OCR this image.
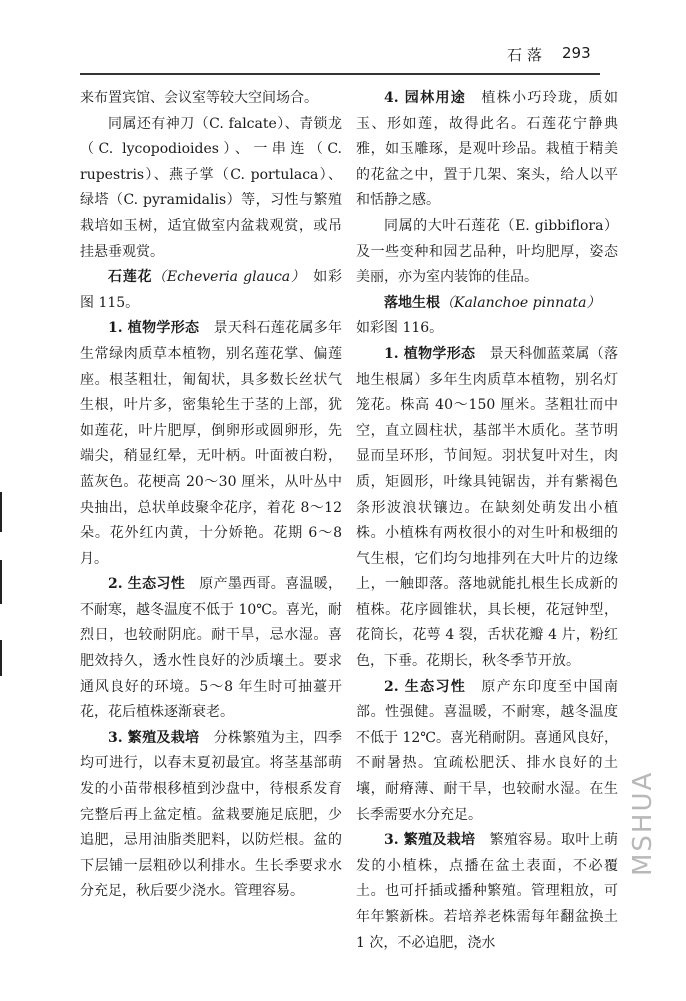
石落 293

来布置宾馆、会议室等较大空间场合。

同属还有神刀（C. falcate）、青锁龙（C. lycopodioides）、一串连（C. rupestris）、燕子掌（C. portulaca）、绿塔（C. pyramidalis）等，习性与繁殖栽培如玉树，适宜做室内盆栽观赏，或吊挂悬垂观赏。

石莲花（Echeveria glauca）　如彩图 115。

1. 植物学形态　景天科石莲花属多年生常绿肉质草本植物，别名莲花掌、偏莲座。根茎粗壮，匍匐状，具多数长丝状气生根，叶片多，密集轮生于茎的上部，犹如莲花，叶片肥厚，倒卵形或圆卵形，先端尖，稍显红晕，无叶柄。叶面被白粉，蓝灰色。花梗高 20～30 厘米，从叶丛中央抽出，总状单歧聚伞花序，着花 8～12 朵。花外红内黄，十分娇艳。花期 6～8 月。

2. 生态习性　原产墨西哥。喜温暖，不耐寒，越冬温度不低于 10℃。喜光，耐烈日，也较耐阴庇。耐干旱，忌水湿。喜肥效持久，透水性良好的沙质壤土。要求通风良好的环境。5～8 年生时可抽薹开花，花后植株逐渐衰老。

3. 繁殖及栽培　分株繁殖为主，四季均可进行，以春末夏初最宜。将茎基部萌发的小苗带根移植到沙盘中，待根系发育完整后再上盆定植。盆栽要施足底肥，少追肥，忌用油脂类肥料，以防烂根。盆的下层铺一层粗砂以利排水。生长季要求水分充足，秋后要少浇水。管理容易。

4. 园林用途　植株小巧玲珑，质如玉、形如莲，故得此名。石莲花宁静典雅，如玉雕琢，是观叶珍品。栽植于精美的花盆之中，置于几架、案头，给人以平和恬静之感。

同属的大叶石莲花（E. gibbiflora）及一些变种和园艺品种，叶均肥厚，姿态美丽，亦为室内装饰的佳品。

落地生根（Kalanchoe pinnata）
如彩图 116。

1. 植物学形态　景天科伽蓝菜属（落地生根属）多年生肉质草本植物，别名灯笼花。株高 40～150 厘米。茎粗壮而中空，直立圆柱状，基部半木质化。茎节明显而呈环形，节间短。羽状复叶对生，肉质，矩圆形，叶缘具钝锯齿，并有紫褐色条形波浪状镶边。在缺刻处萌发出小植株。小植株有两枚很小的对生叶和极细的气生根，它们均匀地排列在大叶片的边缘上，一触即落。落地就能扎根生长成新的植株。花序圆锥状，具长梗，花冠钟型，花筒长，花萼 4 裂，舌状花瓣 4 片，粉红色，下垂。花期长，秋冬季节开放。

2. 生态习性　原产东印度至中国南部。性强健。喜温暖，不耐寒，越冬温度不低于 12℃。喜光稍耐阴。喜通风良好，不耐暑热。宜疏松肥沃、排水良好的土壤，耐瘠薄、耐干旱，也较耐水湿。在生长季需要水分充足。

3. 繁殖及栽培　繁殖容易。取叶上萌发的小植株，点播在盆土表面，不必覆土。也可扦插或播种繁殖。管理粗放，可年年繁新株。若培养老株需每年翻盆换土 1 次，不必追肥，浇水

MSHUA
